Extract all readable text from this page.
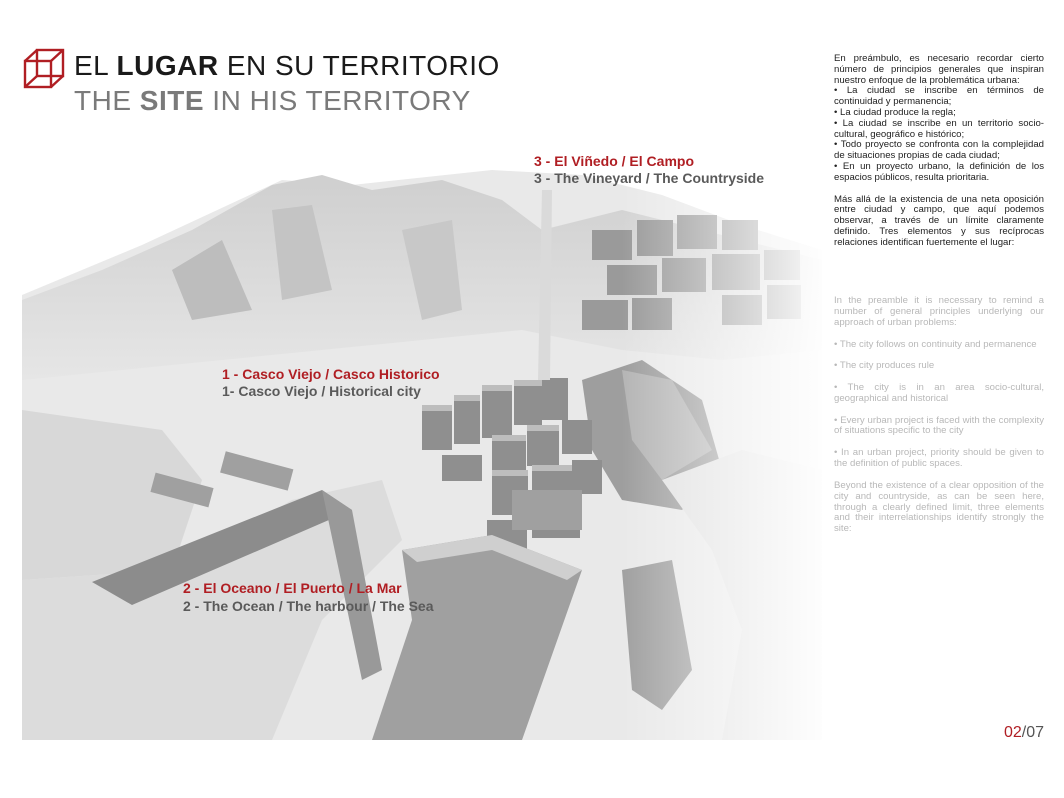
EL LUGAR EN SU TERRITORIO
THE SITE IN HIS TERRITORY
3 - El Viñedo / El Campo
3 - The Vineyard / The Countryside
1 - Casco Viejo / Casco Historico
1- Casco Viejo / Historical city
2 - El Oceano / El Puerto / La Mar
2 - The Ocean / The harbour / The Sea

En preámbulo, es necesario recordar cierto número de principios generales que inspiran nuestro enfoque de la problemática urbana:

• La ciudad se inscribe en términos de continuidad y permanencia;

• La ciudad produce la regla;

• La ciudad se inscribe en un territorio socio-cultural, geográfico e histórico;

• Todo proyecto se confronta con la complejidad de situaciones propias de cada ciudad;

• En un proyecto urbano, la definición de los espacios públicos, resulta prioritaria.

Más allá de la existencia de una neta oposición entre ciudad y campo, que aquí podemos observar, a través de un límite claramente definido. Tres elementos y sus recíprocas relaciones identifican fuertemente el lugar:

In the preamble it is necessary to remind a number of general principles underlying our approach of urban problems:

• The city follows on continuity and permanence

• The city produces rule

• The city is in an area socio-cultural, geographical and historical

• Every urban project is faced with the complexity of situations specific to the city

• In an urban project, priority should be given to the definition of public spaces.

Beyond the existence of a clear opposition of the city and countryside, as can be seen here, through a clearly defined limit, three elements and their interrelationships identify strongly the site:

02/07
